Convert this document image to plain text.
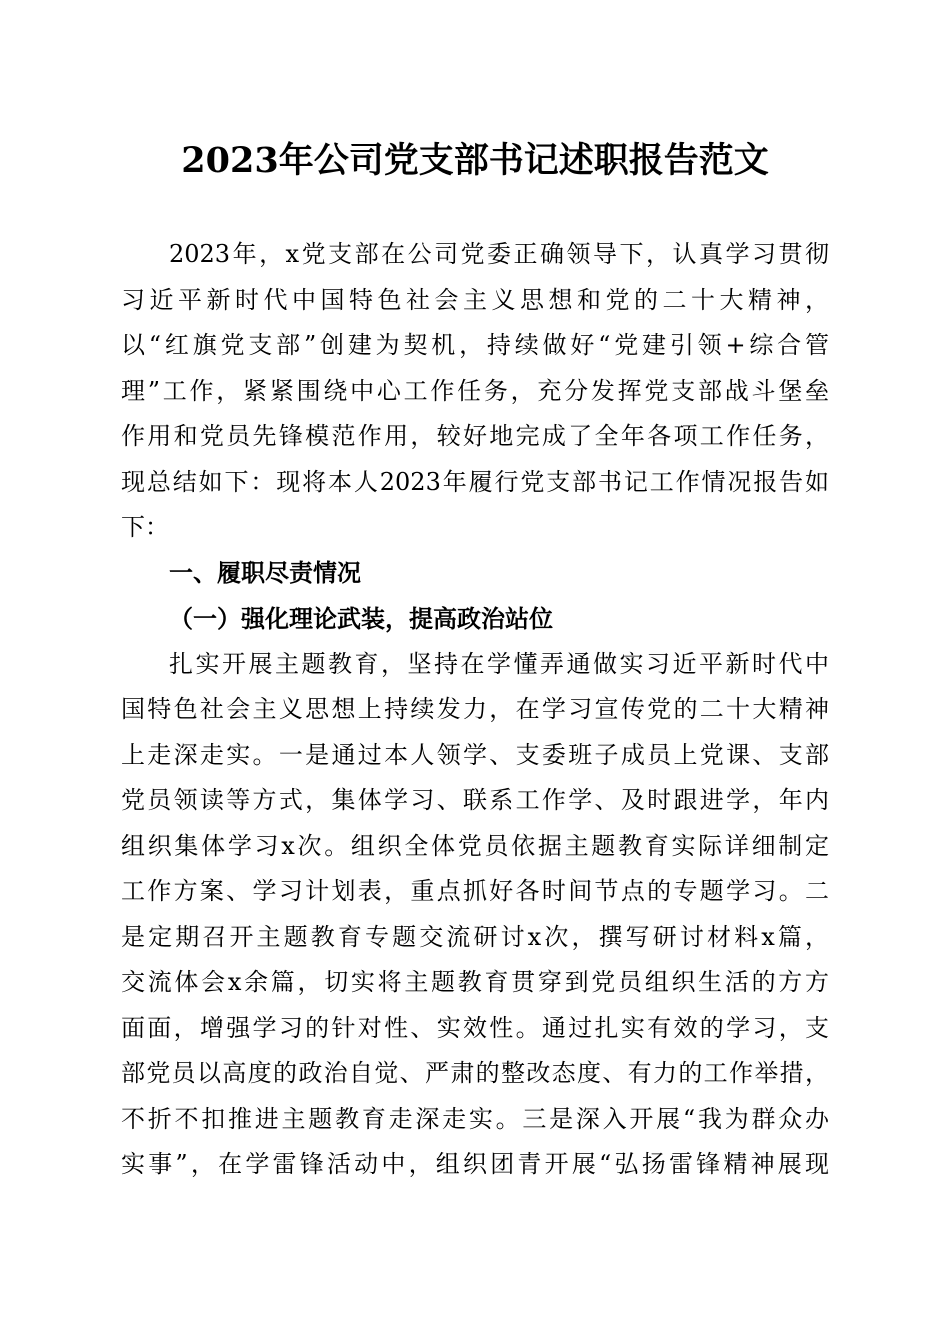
2023年公司党支部书记述职报告范文
2023年，x党支部在公司党委正确领导下，认真学习贯彻
习近平新时代中国特色社会主义思想和党的二十大精神，
以“红旗党支部”创建为契机，持续做好“党建引领+综合管
理”工作，紧紧围绕中心工作任务，充分发挥党支部战斗堡垒
作用和党员先锋模范作用，较好地完成了全年各项工作任务，
现总结如下：现将本人2023年履行党支部书记工作情况报告如
下：
一、履职尽责情况
（一）强化理论武装，提高政治站位
扎实开展主题教育，坚持在学懂弄通做实习近平新时代中
国特色社会主义思想上持续发力，在学习宣传党的二十大精神
上走深走实。一是通过本人领学、支委班子成员上党课、支部
党员领读等方式，集体学习、联系工作学、及时跟进学，年内
组织集体学习x次。组织全体党员依据主题教育实际详细制定
工作方案、学习计划表，重点抓好各时间节点的专题学习。二
是定期召开主题教育专题交流研讨x次，撰写研讨材料x篇，
交流体会x余篇，切实将主题教育贯穿到党员组织生活的方方
面面，增强学习的针对性、实效性。通过扎实有效的学习，支
部党员以高度的政治自觉、严肃的整改态度、有力的工作举措，
不折不扣推进主题教育走深走实。三是深入开展“我为群众办
实事”，在学雷锋活动中，组织团青开展“弘扬雷锋精神展现
